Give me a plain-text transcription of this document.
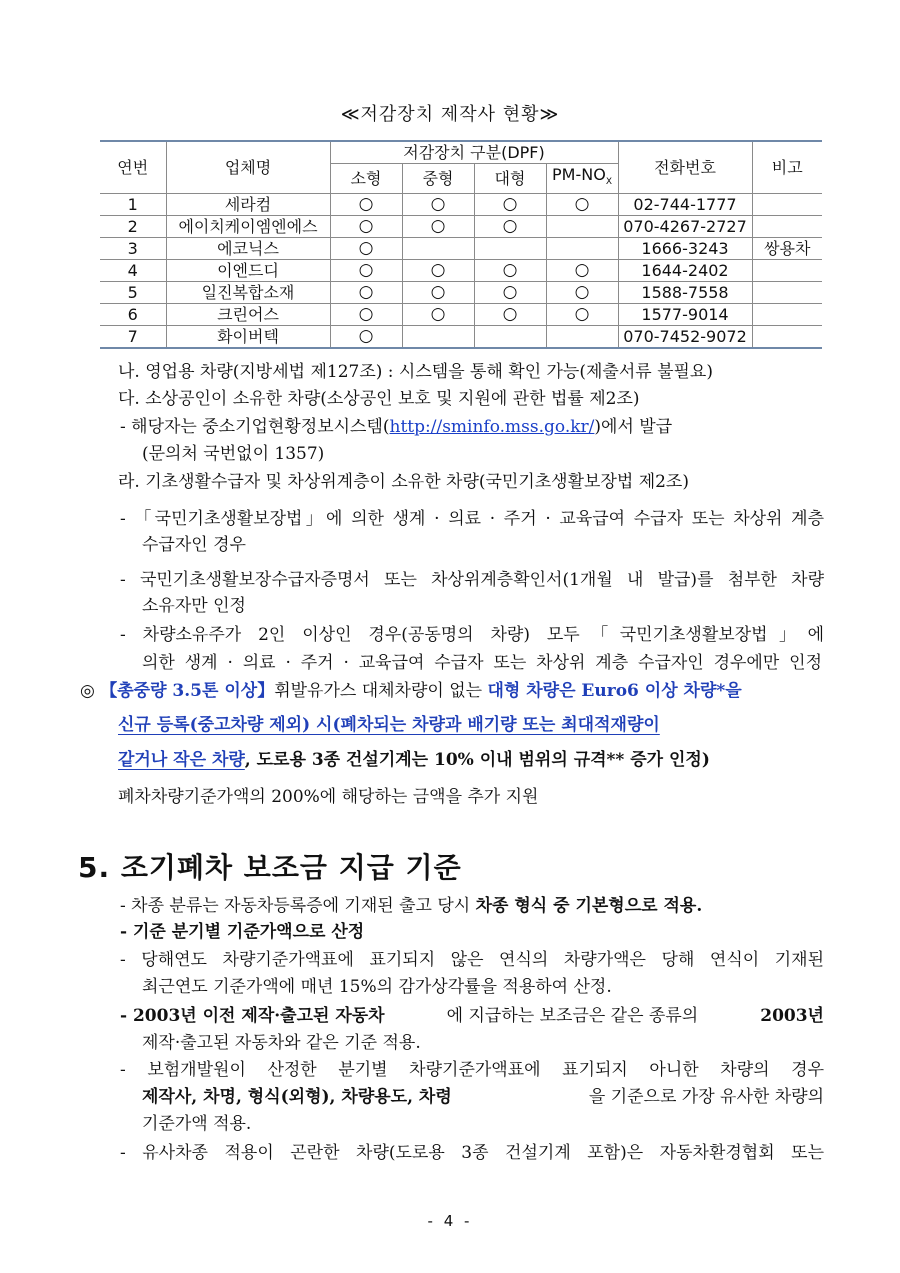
≪저감장치 제작사 현황≫
연번	업체명	저감장치 구분(DPF)				전화번호	비고
		소형	중형	대형	$PM-NO_X$
1	세라컴	○	○	○	○	02-744-1777	
2	에이치케이엠엔에스	○	○	○		070-4267-2727	
3	에코닉스	○				1666-3243	쌍용차
4	이엔드디	○	○	○	○	1644-2402	
5	일진복합소재	○	○	○	○	1588-7558	
6	크린어스	○	○	○	○	1577-9014	
7	화이버텍	○				070-7452-9072	
나. 영업용 차량(지방세법 제127조) : 시스템을 통해 확인 가능(제출서류 불필요)
다. 소상공인이 소유한 차량(소상공인 보호 및 지원에 관한 법률 제2조)
- 해당자는 중소기업현황정보시스템(http://sminfo.mss.go.kr/)에서 발급
(문의처 국번없이 1357)
라. 기초생활수급자 및 차상위계층이 소유한 차량(국민기초생활보장법 제2조)
- 「국민기초생활보장법」에 의한 생계 · 의료 · 주거 · 교육급여 수급자 또는 차상위 계층
수급자인 경우
- 국민기초생활보장수급자증명서 또는 차상위계층확인서(1개월 내 발급)를 첨부한 차량
소유자만 인정
- 차량소유주가 2인 이상인 경우(공동명의 차량) 모두「국민기초생활보장법」에
의한 생계 · 의료 · 주거 · 교육급여 수급자 또는 차상위 계층 수급자인 경우에만 인정
◎ 【총중량 3.5톤 이상】휘발유가스 대체차량이 없는 대형 차량은 Euro6 이상 차량*을
신규 등록(중고차량 제외) 시(폐차되는 차량과 배기량 또는 최대적재량이
같거나 작은 차량, 도로용 3종 건설기계는 10% 이내 범위의 규격** 증가 인정)
폐차차량기준가액의 200%에 해당하는 금액을 추가 지원
5. 조기폐차 보조금 지급 기준
- 차종 분류는 자동차등록증에 기재된 출고 당시 차종 형식 중 기본형으로 적용.
- 기준 분기별 기준가액으로 산정
- 당해연도 차량기준가액표에 표기되지 않은 연식의 차량가액은 당해 연식이 기재된
최근연도 기준가액에 매년 15%의 감가상각률을 적용하여 산정.
- 2003년 이전 제작·출고된 자동차	에 지급하는 보조금은 같은 종류의	2003년
제작·출고된 자동차와 같은 기준 적용.
- 보험개발원이 산정한 분기별 차량기준가액표에 표기되지 아니한 차량의 경우
제작사, 차명, 형식(외형), 차량용도, 차령	을 기준으로 가장 유사한 차량의
기준가액 적용.
- 유사차종 적용이 곤란한 차량(도로용 3종 건설기계 포함)은 자동차환경협회 또는
- 4 -
